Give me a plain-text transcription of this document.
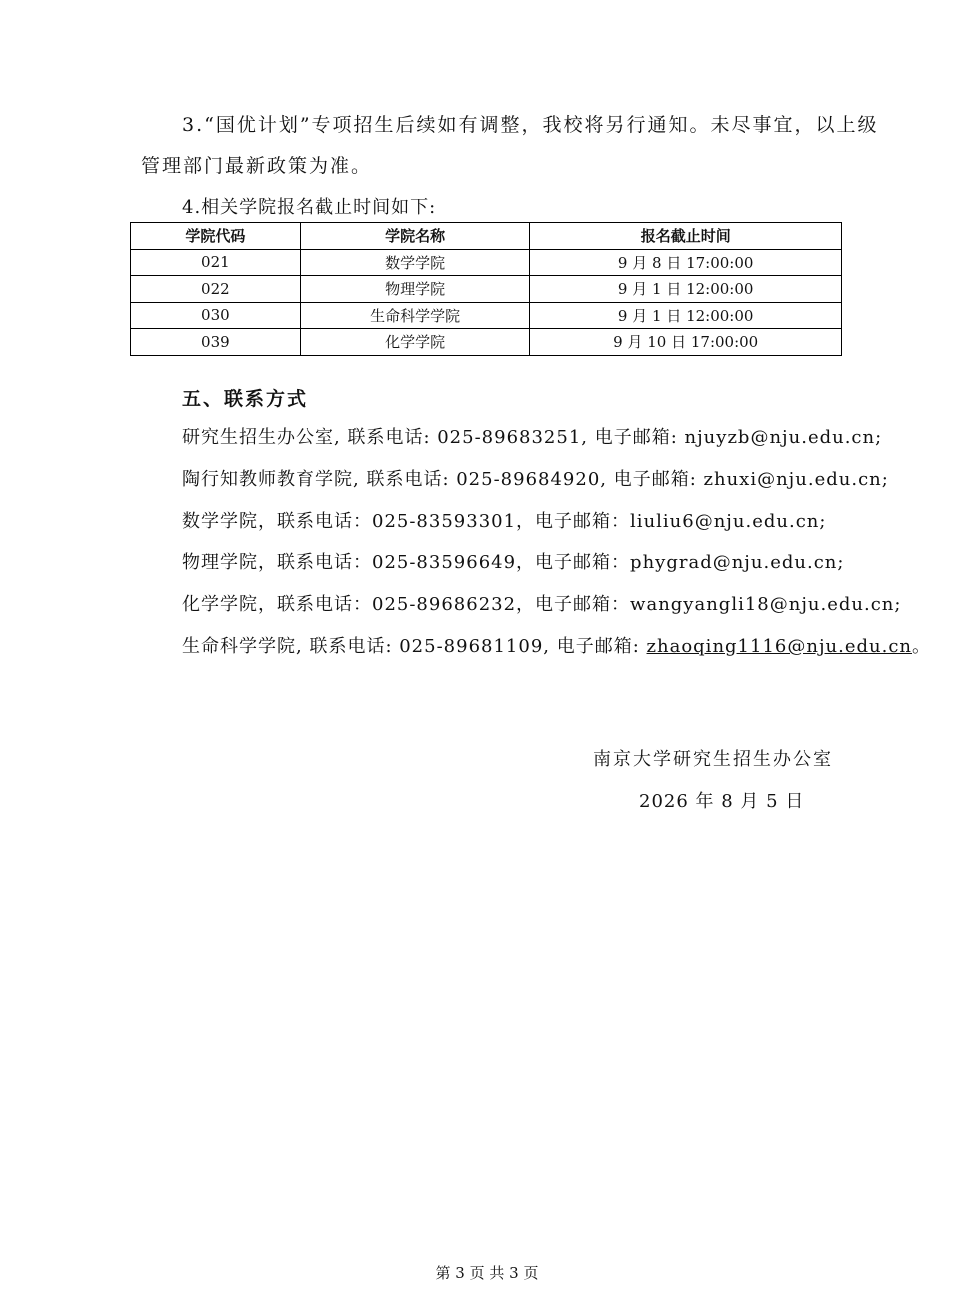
3.“国优计划”专项招生后续如有调整，我校将另行通知。未尽事宜，以上级
管理部门最新政策为准。
4.相关学院报名截止时间如下:
学院代码	学院名称	报名截止时间
021	数学学院	9 月 8 日 17:00:00
022	物理学院	9 月 1 日 12:00:00
030	生命科学学院	9 月 1 日 12:00:00
039	化学学院	9 月 10 日 17:00:00
五、联系方式
研究生招生办公室, 联系电话: 025-89683251, 电子邮箱: njuyzb@nju.edu.cn;
陶行知教师教育学院, 联系电话: 025-89684920, 电子邮箱: zhuxi@nju.edu.cn;
数学学院，联系电话：025-83593301，电子邮箱：liuliu6@nju.edu.cn;
物理学院，联系电话：025-83596649，电子邮箱：phygrad@nju.edu.cn;
化学学院，联系电话：025-89686232，电子邮箱：wangyangli18@nju.edu.cn;
生命科学学院, 联系电话: 025-89681109, 电子邮箱: zhaoqing1116@nju.edu.cn。
南京大学研究生招生办公室
2026 年 8 月 5 日
第 3 页 共 3 页
